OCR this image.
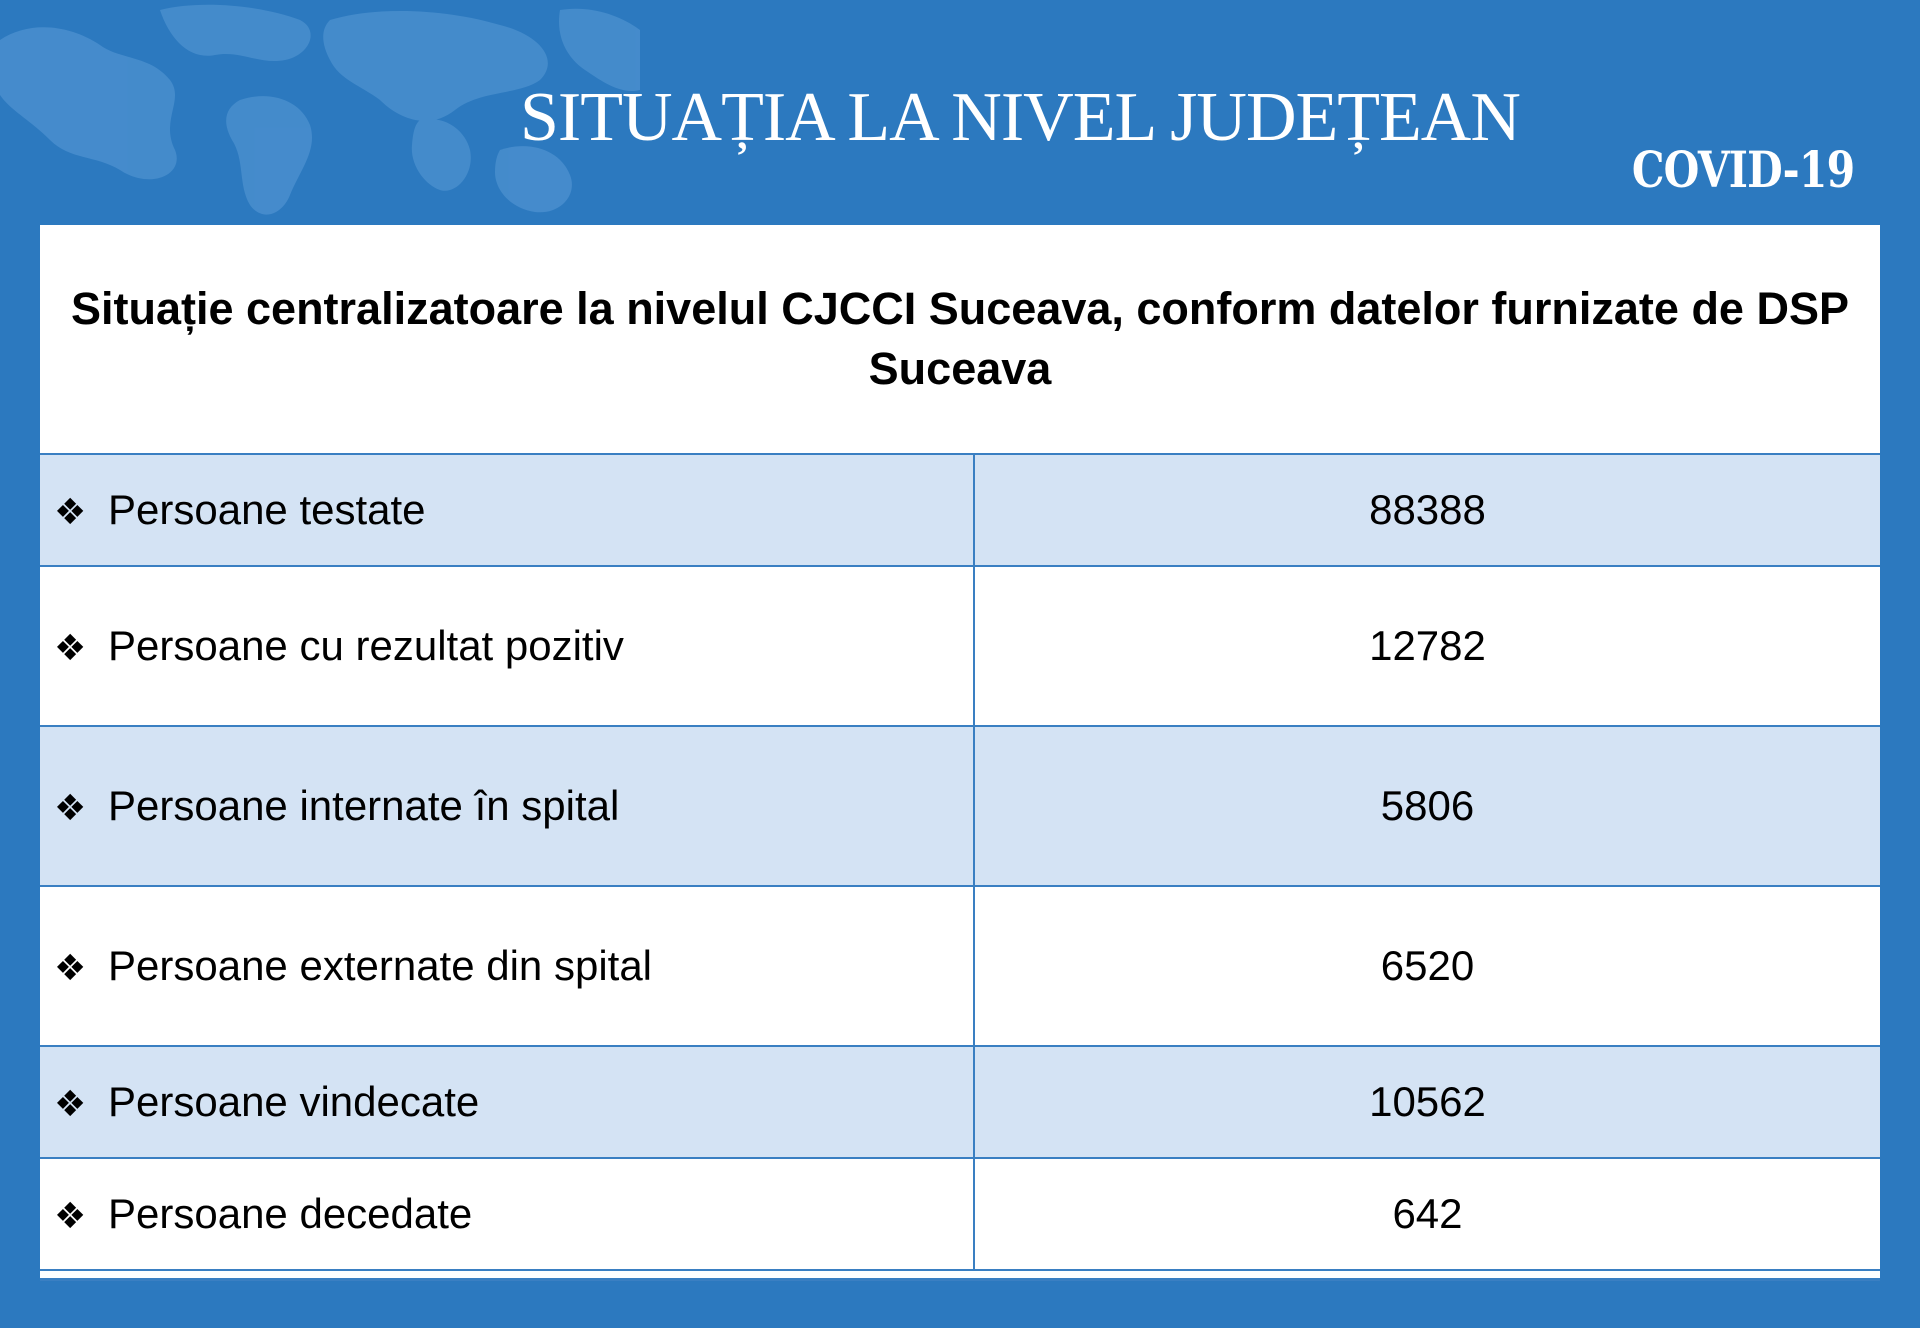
SITUAȚIA LA NIVEL JUDEȚEAN
COVID-19
Situație centralizatoare la nivelul CJCCI Suceava, conform datelor furnizate de DSP Suceava
❖ Persoane testate	88388
❖ Persoane cu rezultat pozitiv	12782
❖ Persoane internate în spital	5806
❖ Persoane externate din spital	6520
❖ Persoane vindecate	10562
❖ Persoane decedate	642
